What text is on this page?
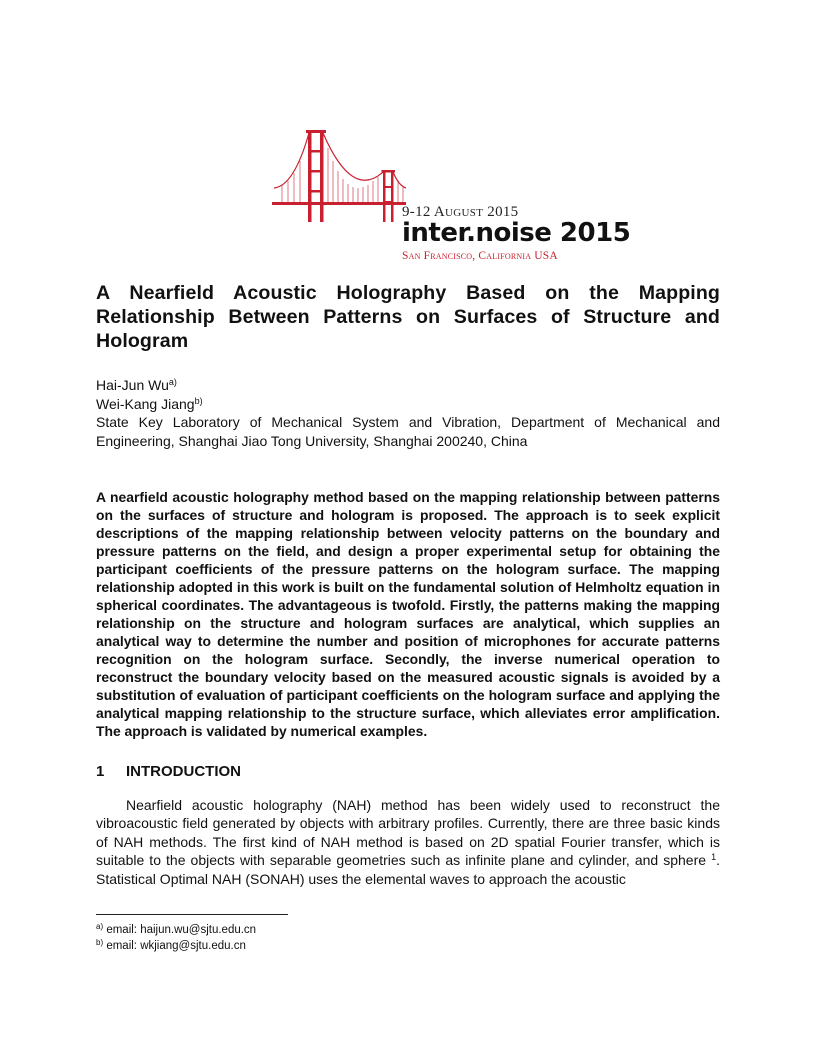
9-12 August 2015
inter.noise 2015
San Francisco, California USA
A Nearfield Acoustic Holography Based on the Mapping Relationship Between Patterns on Surfaces of Structure and Hologram
Hai-Jun Wu$^{a)}$
Wei-Kang Jiang$^{b)}$
State Key Laboratory of Mechanical System and Vibration, Department of Mechanical and Engineering, Shanghai Jiao Tong University, Shanghai 200240, China

A nearfield acoustic holography method based on the mapping relationship between patterns on the surfaces of structure and hologram is proposed. The approach is to seek explicit descriptions of the mapping relationship between velocity patterns on the boundary and pressure patterns on the field, and design a proper experimental setup for obtaining the participant coefficients of the pressure patterns on the hologram surface. The mapping relationship adopted in this work is built on the fundamental solution of Helmholtz equation in spherical coordinates. The advantageous is twofold. Firstly, the patterns making the mapping relationship on the structure and hologram surfaces are analytical, which supplies an analytical way to determine the number and position of microphones for accurate patterns recognition on the hologram surface. Secondly, the inverse numerical operation to reconstruct the boundary velocity based on the measured acoustic signals is avoided by a substitution of evaluation of participant coefficients on the hologram surface and applying the analytical mapping relationship to the structure surface, which alleviates error amplification. The approach is validated by numerical examples.

1 INTRODUCTION

Nearfield acoustic holography (NAH) method has been widely used to reconstruct the vibroacoustic field generated by objects with arbitrary profiles. Currently, there are three basic kinds of NAH methods. The first kind of NAH method is based on 2D spatial Fourier transfer, which is suitable to the objects with separable geometries such as infinite plane and cylinder, and sphere $^1$. Statistical Optimal NAH (SONAH) uses the elemental waves to approach the acoustic

$^{a)}$ email: haijun.wu@sjtu.edu.cn
$^{b)}$ email: wkjiang@sjtu.edu.cn
